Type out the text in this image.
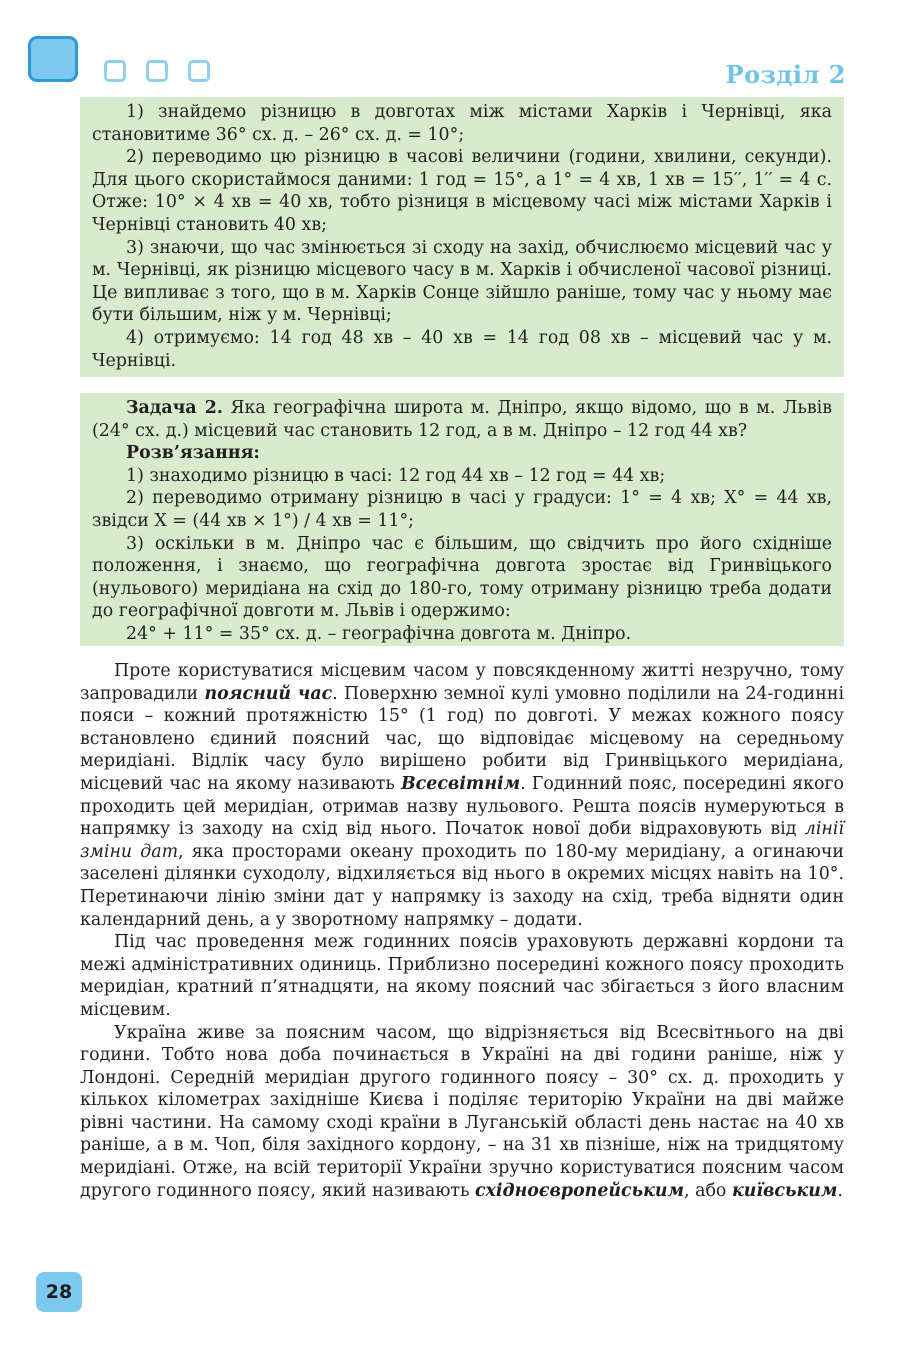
Розділ 2

1) знайдемо різницю в довготах між містами Харків і Чернівці, яка становитиме 36° сх. д. – 26° сх. д. = 10°;

2) переводимо цю різницю в часові величини (години, хвилини, секунди). Для цього скористаймося даними: 1 год = 15°, а 1° = 4 хв, 1 хв = 15′′, 1′′ = 4 с. Отже: 10° × 4 хв = 40 хв, тобто різниця в місцевому часі між містами Харків і Чернівці становить 40 хв;

3) знаючи, що час змінюється зі сходу на захід, обчислюємо місцевий час у м. Чернівці, як різницю місцевого часу в м. Харків і обчисленої часової різниці. Це випливає з того, що в м. Харків Сонце зійшло раніше, тому час у ньому має бути більшим, ніж у м. Чернівці;

4) отримуємо: 14 год 48 хв – 40 хв = 14 год 08 хв – місцевий час у м. Чернівці.

Задача 2. Яка географічна широта м. Дніпро, якщо відомо, що в м. Львів (24° сх. д.) місцевий час становить 12 год, а в м. Дніпро – 12 год 44 хв?

Розв’язання:

1) знаходимо різницю в часі: 12 год 44 хв – 12 год = 44 хв;

2) переводимо отриману різницю в часі у градуси: 1° = 4 хв; X° = 44 хв, звідси X = (44 хв × 1°) / 4 хв = 11°;

3) оскільки в м. Дніпро час є більшим, що свідчить про його східніше положення, і знаємо, що географічна довгота зростає від Гринвіцького (нульового) меридіана на схід до 180-го, тому отриману різницю треба додати до географічної довготи м. Львів і одержимо:

24° + 11° = 35° сх. д. – географічна довгота м. Дніпро.

Проте користуватися місцевим часом у повсякденному житті незручно, тому запровадили поясний час. Поверхню земної кулі умовно поділили на 24-годинні пояси – кожний протяжністю 15° (1 год) по довготі. У межах кожного поясу встановлено єдиний поясний час, що відповідає місцевому на середньому меридіані. Відлік часу було вирішено робити від Гринвіцького меридіана, місцевий час на якому називають Всесвітнім. Годинний пояс, посередині якого проходить цей меридіан, отримав назву нульового. Решта поясів нумеруються в напрямку із заходу на схід від нього. Початок нової доби відраховують від лінії зміни дат, яка просторами океану проходить по 180-му меридіану, а огинаючи заселені ділянки суходолу, відхиляється від нього в окремих місцях навіть на 10°. Перетинаючи лінію зміни дат у напрямку із заходу на схід, треба відняти один календарний день, а у зворотному напрямку – додати.

Під час проведення меж годинних поясів ураховують державні кордони та межі адміністративних одиниць. Приблизно посередині кожного поясу проходить меридіан, кратний п’ятнадцяти, на якому поясний час збігається з його власним місцевим.

Україна живе за поясним часом, що відрізняється від Всесвітнього на дві години. Тобто нова доба починається в Україні на дві години раніше, ніж у Лондоні. Середній меридіан другого годинного поясу – 30° сх. д. проходить у кількох кілометрах західніше Києва і поділяє територію України на дві майже рівні частини. На самому сході країни в Луганській області день настає на 40 хв раніше, а в м. Чоп, біля західного кордону, – на 31 хв пізніше, ніж на тридцятому меридіані. Отже, на всій території України зручно користуватися поясним часом другого годинного поясу, який називають східноєвропейським, або київським.

28
